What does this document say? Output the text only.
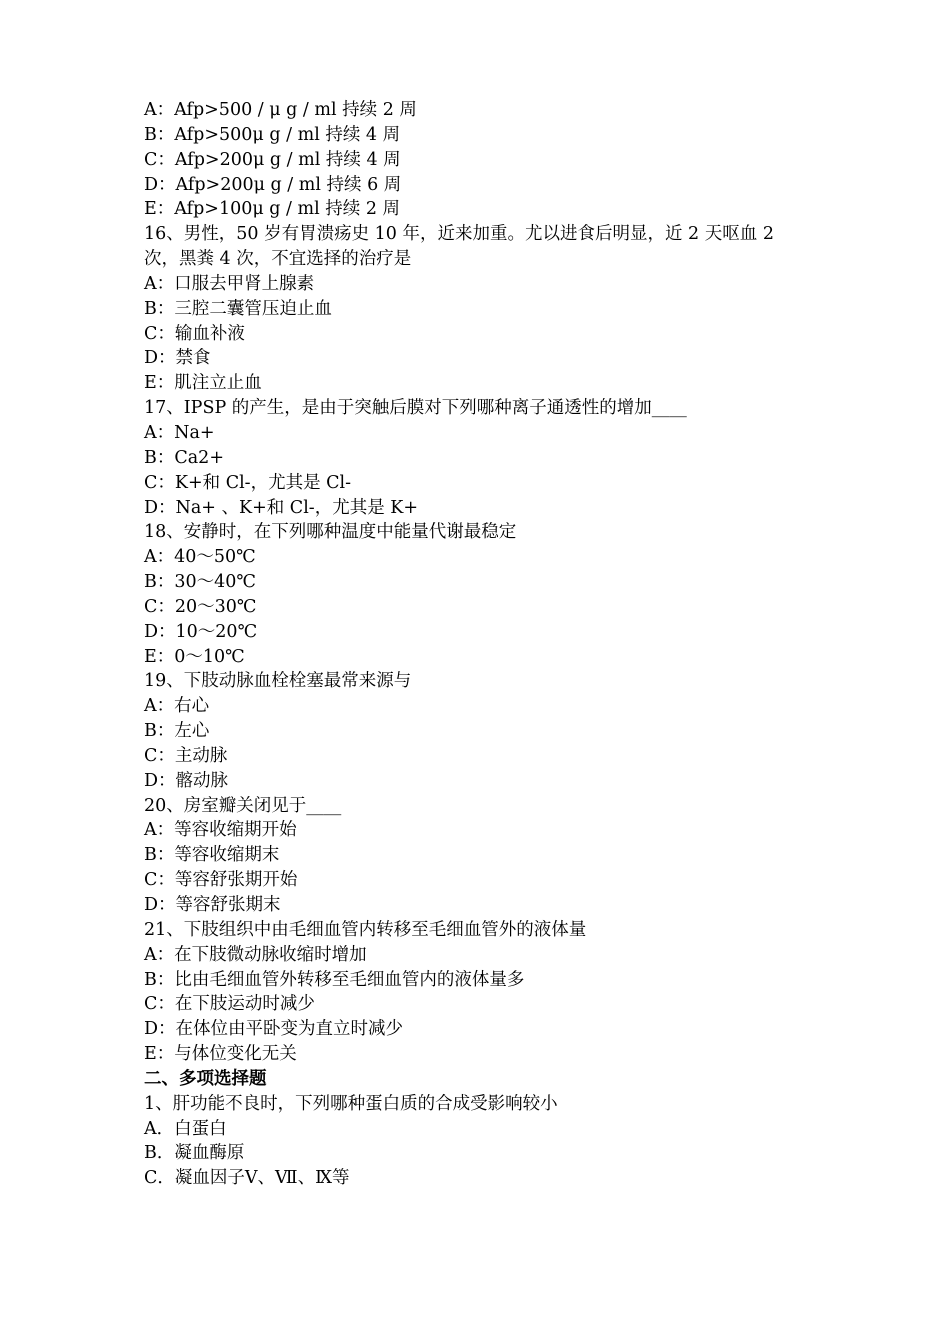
A：Afp>500 / μ g / ml 持续 2 周
B：Afp>500μ g / ml 持续 4 周
C：Afp>200μ g / ml 持续 4 周
D：Afp>200μ g / ml 持续 6 周
E：Afp>100μ g / ml 持续 2 周
16、男性，50 岁有胃溃疡史 10 年，近来加重。尤以进食后明显，近 2 天呕血 2 次，黑粪 4 次，不宜选择的治疗是
A：口服去甲肾上腺素
B：三腔二囊管压迫止血
C：输血补液
D：禁食
E：肌注立止血
17、IPSP 的产生，是由于突触后膜对下列哪种离子通透性的增加____
A：Na+
B：Ca2+
C：K+和 Cl-，尤其是 Cl-
D：Na+ 、K+和 Cl-，尤其是 K+
18、安静时，在下列哪种温度中能量代谢最稳定
A：40～50℃
B：30～40℃
C：20～30℃
D：10～20℃
E：0～10℃
19、下肢动脉血栓栓塞最常来源与
A：右心
B：左心
C：主动脉
D：髂动脉
20、房室瓣关闭见于____
A：等容收缩期开始
B：等容收缩期末
C：等容舒张期开始
D：等容舒张期末
21、下肢组织中由毛细血管内转移至毛细血管外的液体量
A：在下肢微动脉收缩时增加
B：比由毛细血管外转移至毛细血管内的液体量多
C：在下肢运动时减少
D：在体位由平卧变为直立时减少
E：与体位变化无关
二、多项选择题
1、肝功能不良时，下列哪种蛋白质的合成受影响较小
A．白蛋白
B．凝血酶原
C．凝血因子Ⅴ、Ⅶ、Ⅸ等
